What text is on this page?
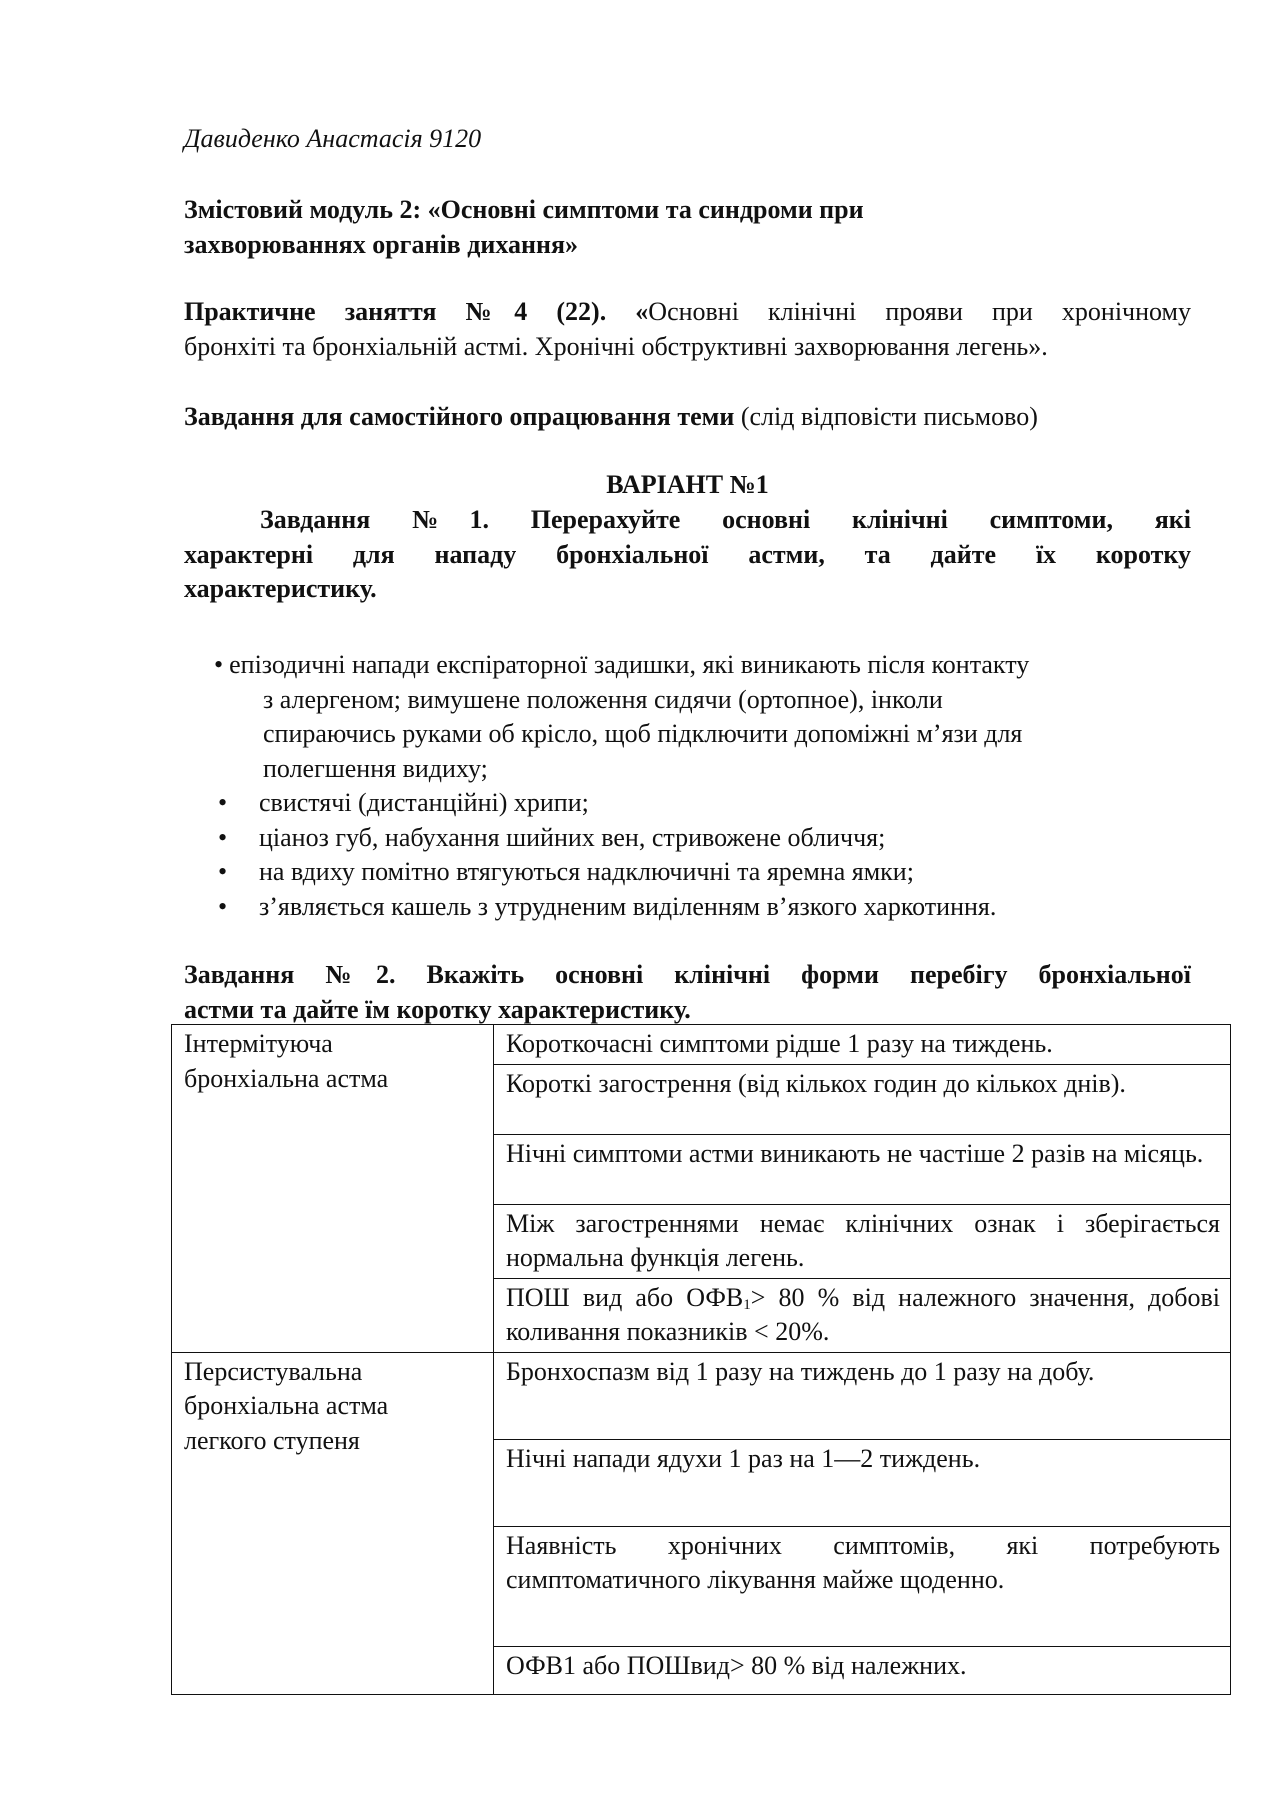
Давиденко Анастасія 9120

Змістовий модуль 2: «Основні симптоми та синдроми при
захворюваннях органів дихання»

Практичне заняття №4 (22). «Основні клінічні прояви при хронічному
бронхіті та бронхіальній астмі. Хронічні обструктивні захворювання легень».

Завдання для самостійного опрацювання теми (слід відповісти письмово)

ВАРІАНТ №1

Завдання №1. Перерахуйте основні клінічні симптоми, які
характерні для нападу бронхіальної астми, та дайте їх коротку
характеристику.

• епізодичні напади експіраторної задишки, які виникають після контакту
з алергеном; вимушене положення сидячи (ортопное), інколи
спираючись руками об крісло, щоб підключити допоміжні м’язи для
полегшення видиху;
• свистячі (дистанційні) хрипи;
• ціаноз губ, набухання шийних вен, стривожене обличчя;
• на вдиху помітно втягуються надключичні та яремна ямки;
• з’являється кашель з утрудненим виділенням в’язкого харкотиння.

Завдання №2. Вкажіть основні клінічні форми перебігу бронхіальної
астми та дайте їм коротку характеристику.

Інтермітуюча
бронхіальна астма	Короткочасні симптоми рідше 1 разу на тиждень.
	Короткі загострення (від кількох годин до кількох днів).
	Нічні симптоми астми виникають не частіше 2 разів на місяць.
	Між загостреннями немає клінічних ознак і зберігається нормальна функція легень.
	ПОШ вид або $ОФВ_1> 80$ % від належного значення, добові коливання показників < 20%.
Персистувальна
бронхіальна астма
легкого ступеня	Бронхоспазм від 1 разу на тиждень до 1 разу на добу.
	Нічні напади ядухи 1 раз на 1—2 тиждень.
	Наявність хронічних симптомів, які потребують симптоматичного лікування майже щоденно.
	ОФВ1 або ПОШвид> 80 % від належних.
